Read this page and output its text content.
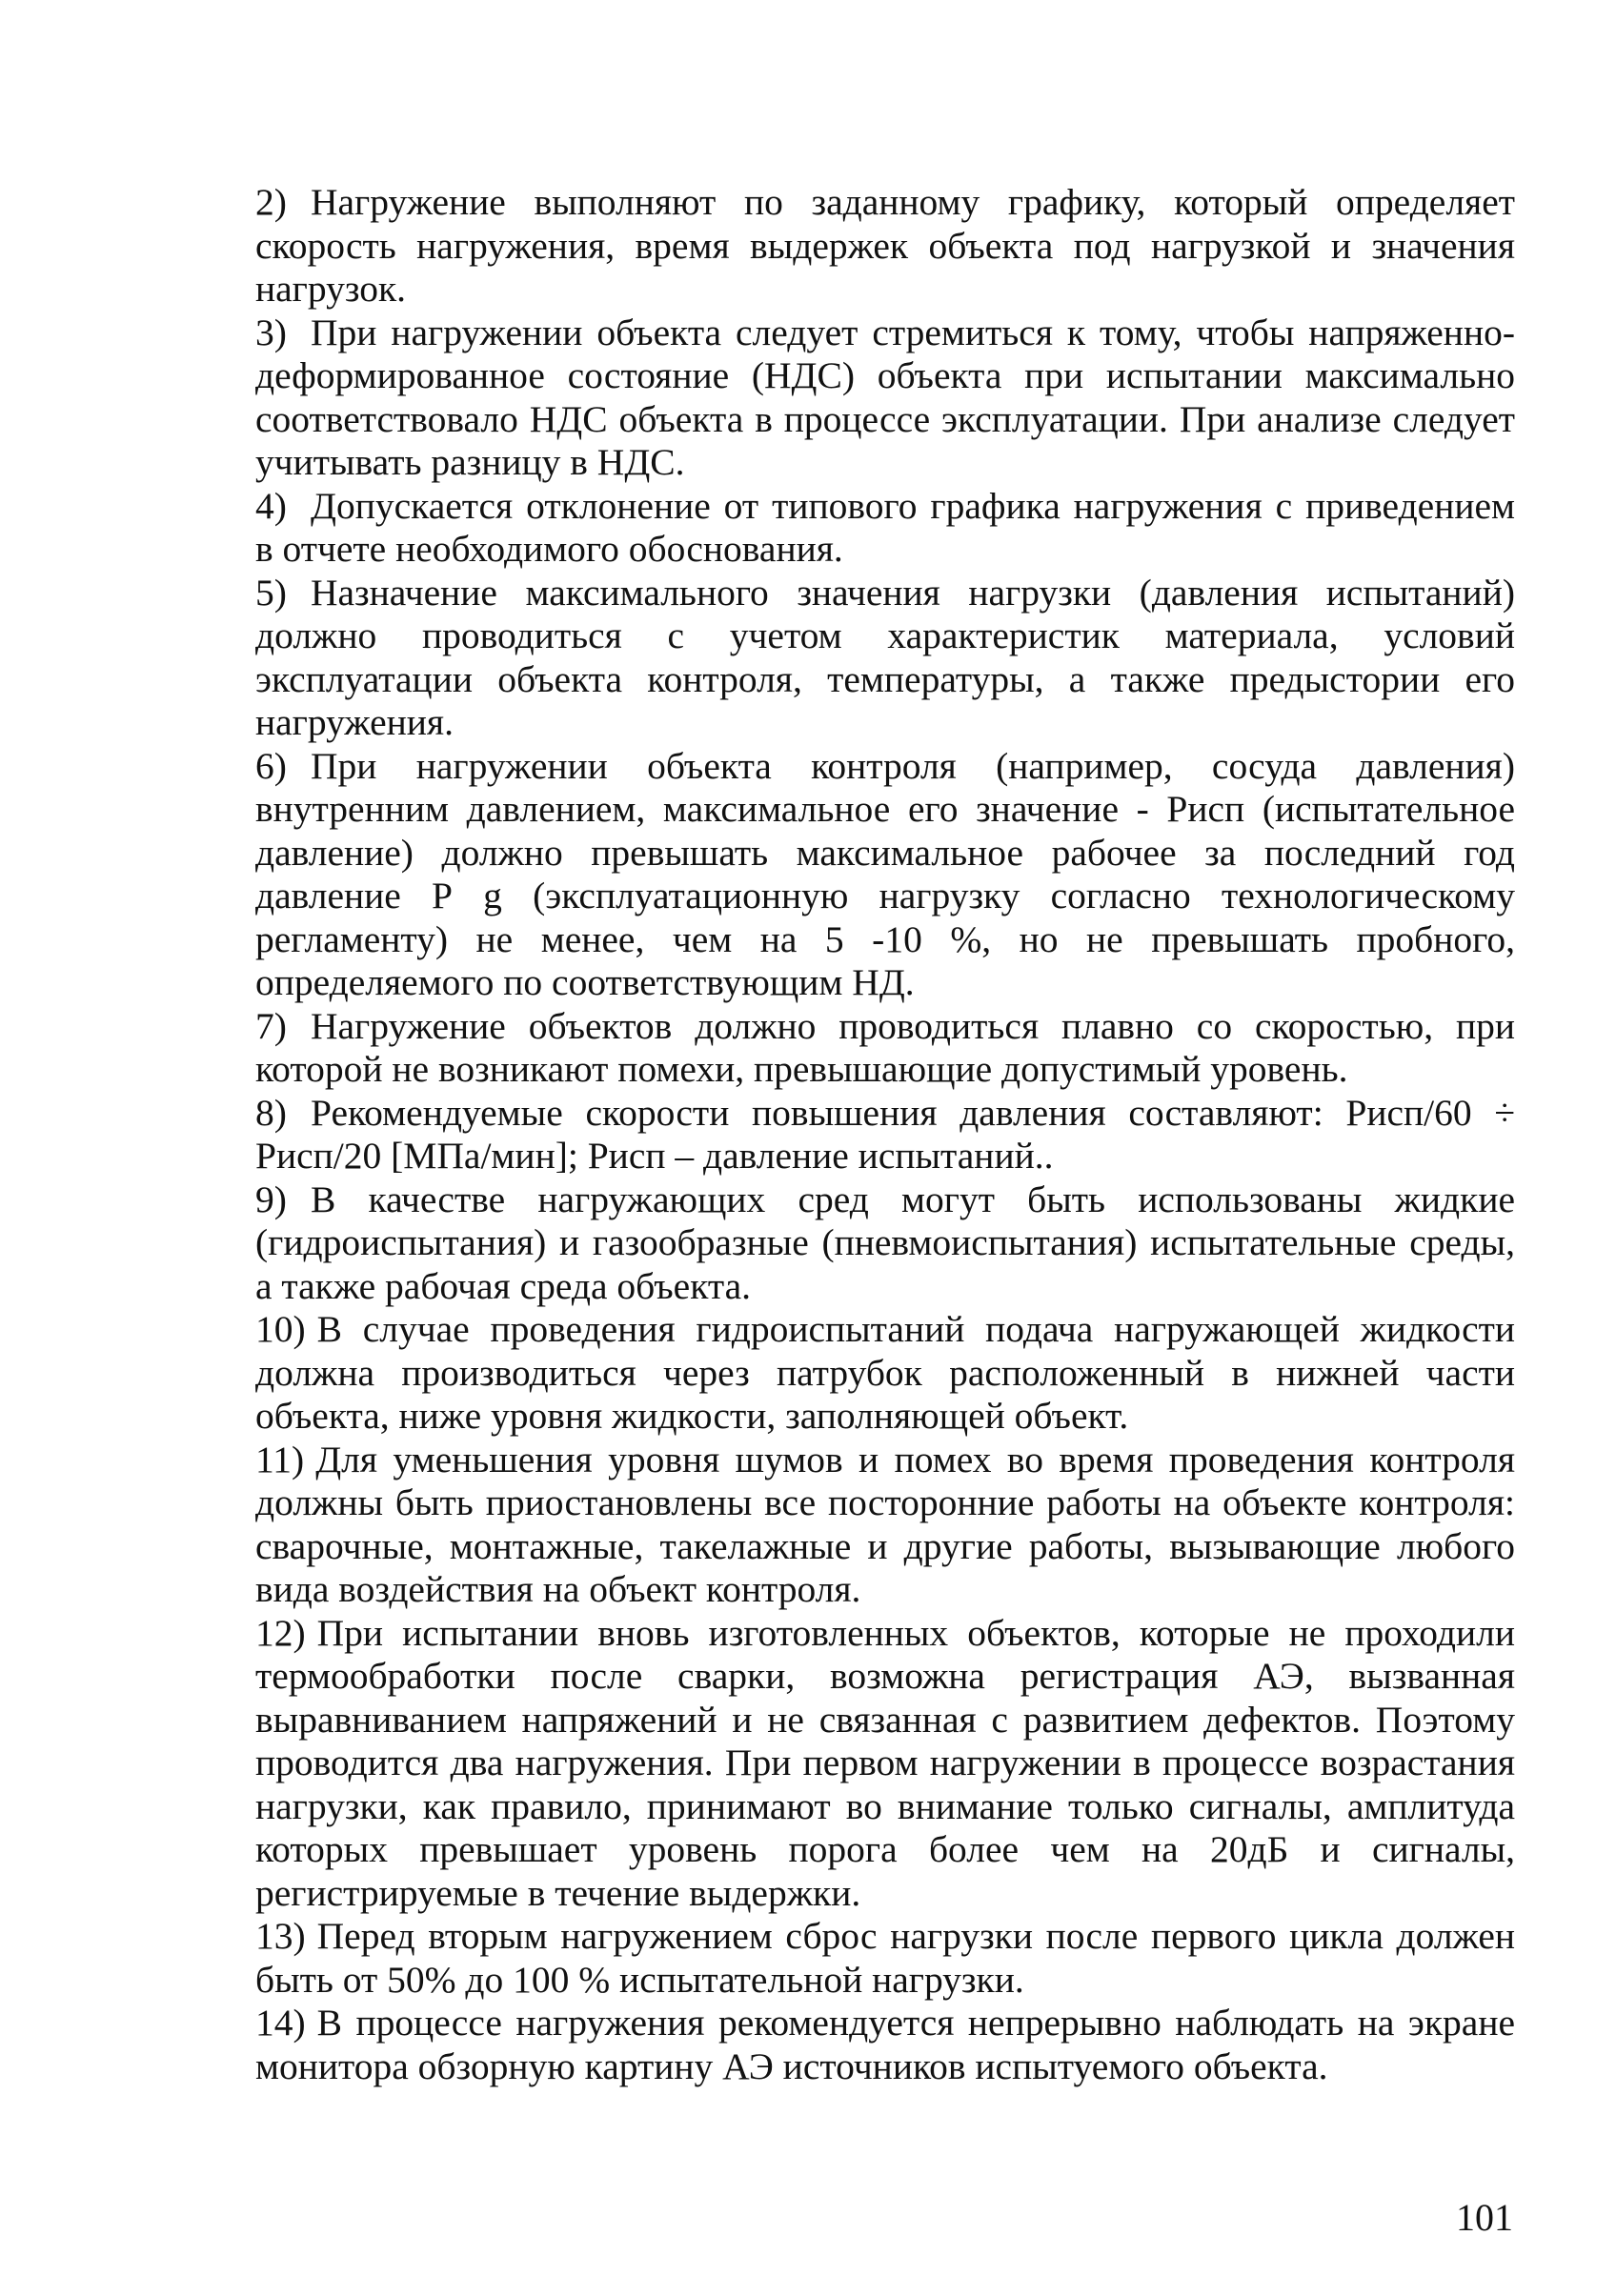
2) Нагружение выполняют по заданному графику, который определяет скорость нагружения, время выдержек объекта под нагрузкой и значения нагрузок.

3) При нагружении объекта следует стремиться к тому, чтобы напряженно-деформированное состояние (НДС) объекта при испытании максимально соответствовало НДС объекта в процессе эксплуатации. При анализе следует учитывать разницу в НДС.

4) Допускается отклонение от типового графика нагружения с приведением в отчете необходимого обоснования.

5) Назначение максимального значения нагрузки (давления испытаний) должно проводиться с учетом характеристик материала, условий эксплуатации объекта контроля, температуры, а также предыстории его нагружения.

6) При нагружении объекта контроля (например, сосуда давления) внутренним давлением, максимальное его значение - Рисп (испытательное давление) должно превышать максимальное рабочее за последний год давление Р g (эксплуатационную нагрузку согласно технологическому регламенту) не менее, чем на 5 -10 %, но не превышать пробного, определяемого по соответствующим НД.

7) Нагружение объектов должно проводиться плавно со скоростью, при которой не возникают помехи, превышающие допустимый уровень.

8) Рекомендуемые скорости повышения давления составляют: Рисп/60 ÷ Рисп/20 [МПа/мин]; Рисп – давление испытаний..

9) В качестве нагружающих сред могут быть использованы жидкие (гидроиспытания) и газообразные (пневмоиспытания) испытательные среды, а также рабочая среда объекта.

10) В случае проведения гидроиспытаний подача нагружающей жидкости должна производиться через патрубок расположенный в нижней части объекта, ниже уровня жидкости, заполняющей объект.

11) Для уменьшения уровня шумов и помех во время проведения контроля должны быть приостановлены все посторонние работы на объекте контроля: сварочные, монтажные, такелажные и другие работы, вызывающие любого вида воздействия на объект контроля.

12) При испытании вновь изготовленных объектов, которые не проходили термообработки после сварки, возможна регистрация АЭ, вызванная выравниванием напряжений и не связанная с развитием дефектов. Поэтому проводится два нагружения. При первом нагружении в процессе возрастания нагрузки, как правило, принимают во внимание только сигналы, амплитуда которых превышает уровень порога более чем на 20дБ и сигналы, регистрируемые в течение выдержки.

13) Перед вторым нагружением сброс нагрузки после первого цикла должен быть от 50% до 100 % испытательной нагрузки.

14) В процессе нагружения рекомендуется непрерывно наблюдать на экране монитора обзорную картину АЭ источников испытуемого объекта.

101
